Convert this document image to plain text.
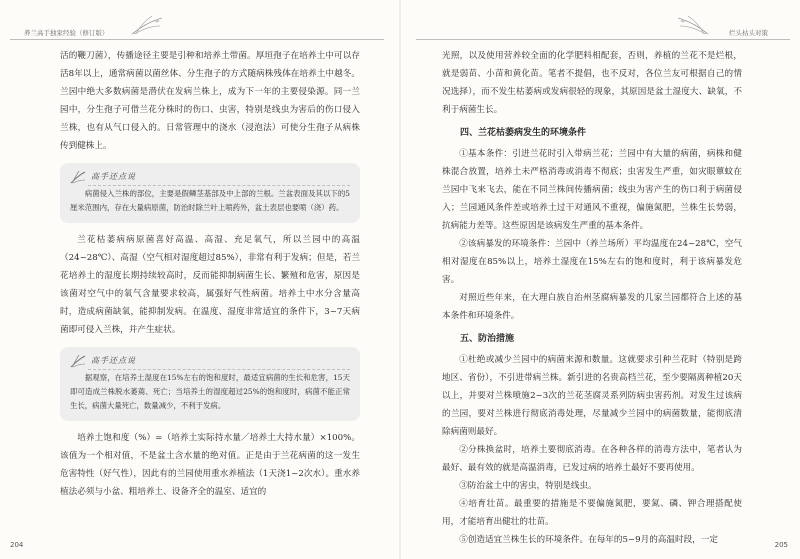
养兰高手独家经验（修订版）

活的鞭刀菌），传播途径主要是引种和培养土带菌。厚垣孢子在培养土中可以存活8年以上，通常病菌以菌丝体、分生孢子的方式随病株残体在培养土中越冬。兰园中绝大多数病菌是潜伏在发病兰株上，成为下一年的主要侵染源。同一兰园中，分生孢子可借兰花分株时的伤口、虫害，特别是线虫为害后的伤口侵入兰株，也有从气口侵入的。日常管理中的浇水（浸泡法）可使分生孢子从病株传到健株上。

高手还点说

病菌侵入兰株的部位，主要是假鳞茎基部及中上部的兰根。兰盆表面及其以下的5厘米范围内，存在大量病原菌，防治时除兰叶上喷药外，盆土表层也要喷（浇）药。

兰花枯萎病病原菌喜好高温、高湿、充足氧气，所以兰园中的高温（24~28℃）、高湿（空气相对湿度超过85%），非常有利于发病；但是，若兰花培养土的湿度长期持续较高时，反而能抑制病菌生长、繁殖和危害，原因是该菌对空气中的氧气含量要求较高，属强好气性病菌。培养土中水分含量高时，造成病菌缺氧，能抑制发病。在温度、湿度非常适宜的条件下，3~7天病菌即可侵入兰株，并产生症状。

高手还点说

据观察，在培养土湿度在15%左右的饱和度时，最适宜病菌的生长和危害，15天即可造成兰株脱水萎蔫、死亡；当培养土的湿度超过25%的饱和度时，病菌不能正常生长，病菌大量死亡，数量减少，不利于发病。

培养土饱和度（%）=（培养土实际持水量／培养土大持水量）×100%。该值为一个相对值，不是盆土含水量的绝对值。正是由于兰花病菌的这一发生危害特性（好气性），因此有的兰园使用重水养植法（1天浇1~2次水）。重水养植法必须与小盆、粗培养土、设备齐全的温室、适宜的

204
烂头枯头对策

光照，以及使用营养较全面的化学肥料相配套，否则，养植的兰花不是烂根，就是弱苗、小苗和黄化苗。笔者不提倡，也不反对，各位兰友可根据自己的情况选择），而不发生枯萎病或发病很轻的现象，其原因是盆土湿度大、缺氧，不利于病菌生长。

四、兰花枯萎病发生的环境条件

①基本条件：引进兰花时引入带病兰花；兰园中有大量的病菌，病株和健株混合放置，培养土未严格消毒或消毒不彻底；虫害发生严重，如灾眼蕈蚊在兰园中飞来飞去，能在不同兰株间传播病菌；线虫为害产生的伤口利于病菌侵入；兰园通风条件差或培养土过干对通风不重视，偏施氮肥，兰株生长势弱，抗病能力差等。这些原因是该病发生严重的基本条件。

②该病暴发的环境条件：兰园中（养兰场所）平均温度在24~28℃，空气相对湿度在85%以上，培养土湿度在15%左右的饱和度时，利于该病暴发危害。

对照近些年来，在大理白族自治州茎腐病暴发的几家兰园都符合上述的基本条件和环境条件。

五、防治措施

①杜绝或减少兰园中的病菌来源和数量。这就要求引种兰花时（特别是跨地区、省份），不引进带病兰株。新引进的名贵高档兰花，至少要隔离种植20天以上，并要对兰株喷施2~3次的兰花茎腐灵系列防病虫害药剂。对发生过该病的兰园，要对兰株进行彻底消毒处理，尽量减少兰园中的病菌数量，能彻底清除病菌则最好。

②分株换盆时，培养土要彻底消毒。在各种各样的消毒方法中，笔者认为最好、最有效的就是高温消毒，已发过病的培养土最好不要再使用。

③防治盆土中的害虫，特别是线虫。

④培育壮苗。最重要的措施是不要偏施氮肥，要氮、磷、钾合理搭配使用，才能培育出健壮的壮苗。

⑤创造适宜兰株生长的环境条件。在每年的5~9月的高温时段，一定	205
